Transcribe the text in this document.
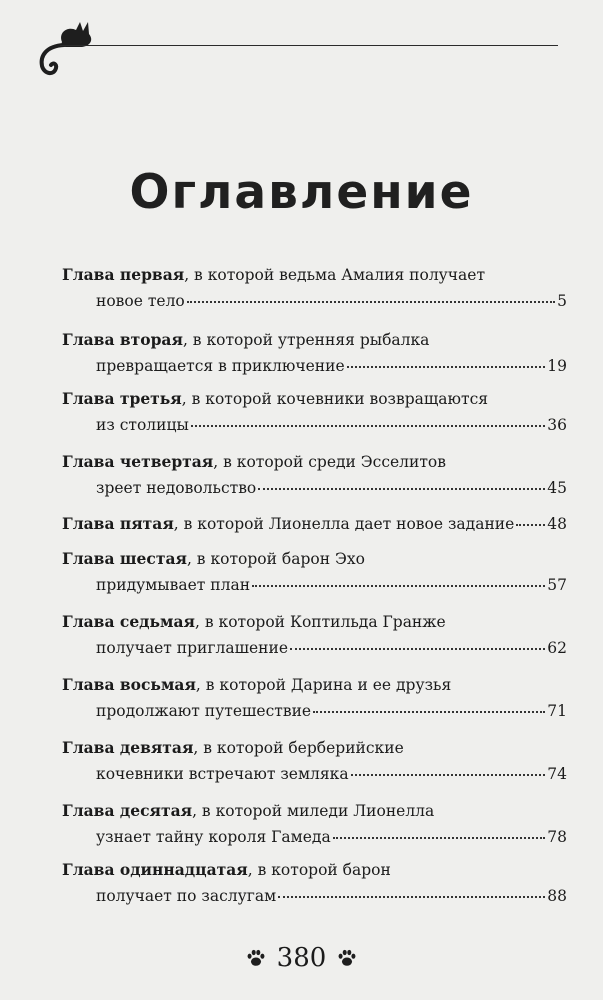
Оглавление
Глава первая, в которой ведьма Амалия получает
новое тело	5
Глава вторая, в которой утренняя рыбалка
превращается в приключение	19
Глава третья, в которой кочевники возвращаются
из столицы	36
Глава четвертая, в которой среди Эсселитов
зреет недовольство	45
Глава пятая , в которой Лионелла дает новое задание 48
Глава шестая, в которой барон Эхо
придумывает план	57
Глава седьмая, в которой Коптильда Гранже
получает приглашение	62
Глава восьмая, в которой Дарина и ее друзья
продолжают путешествие	71
Глава девятая, в которой берберийские
кочевники встречают земляка	74
Глава десятая, в которой миледи Лионелла
узнает тайну короля Гамеда	78
Глава одиннадцатая, в которой барон
получает по заслугам	88
380
